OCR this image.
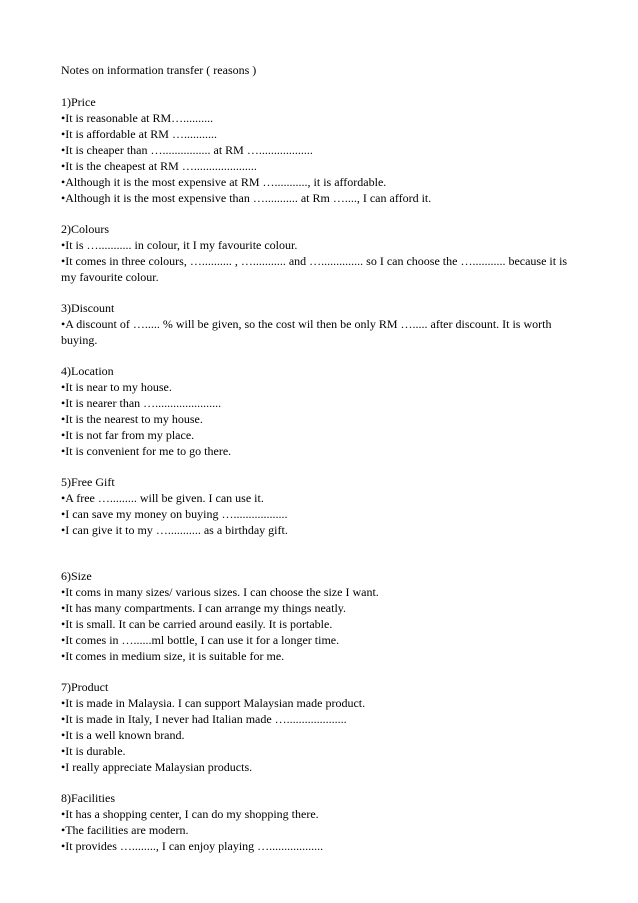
Notes on information transfer ( reasons )

1)Price

•It is reasonable at RM…..........

•It is affordable at RM …...........

•It is cheaper than …................ at RM …..................

•It is the cheapest at RM ….....................

•Although it is the most expensive at RM …..........., it is affordable.

•Although it is the most expensive than …........... at Rm …...., I can afford it.

2)Colours

•It is …........... in colour, it I my favourite colour.

•It comes in three colours, ….......... , …........... and ….............. so I can choose the …........... because it is my favourite colour.

3)Discount

•A discount of …..... % will be given, so the cost wil then be only RM …..... after discount. It is worth buying.

4)Location

•It is near to my house.

•It is nearer than …......................

•It is the nearest to my house.

•It is not far from my place.

•It is convenient for me to go there.

5)Free Gift

•A free …......... will be given. I can use it.

•I can save my money on buying …..................

•I can give it to my …........... as a birthday gift.

6)Size

•It coms in many sizes/ various sizes. I can choose the size I want.

•It has many compartments. I can arrange my things neatly.

•It is small. It can be carried around easily. It is portable.

•It comes in …......ml bottle, I can use it for a longer time.

•It comes in medium size, it is suitable for me.

7)Product

•It is made in Malaysia. I can support Malaysian made product.

•It is made in Italy, I never had Italian made …....................

•It is a well known brand.

•It is durable.

•I really appreciate Malaysian products.

8)Facilities

•It has a shopping center, I can do my shopping there.

•The facilities are modern.

•It provides …........, I can enjoy playing …..................
